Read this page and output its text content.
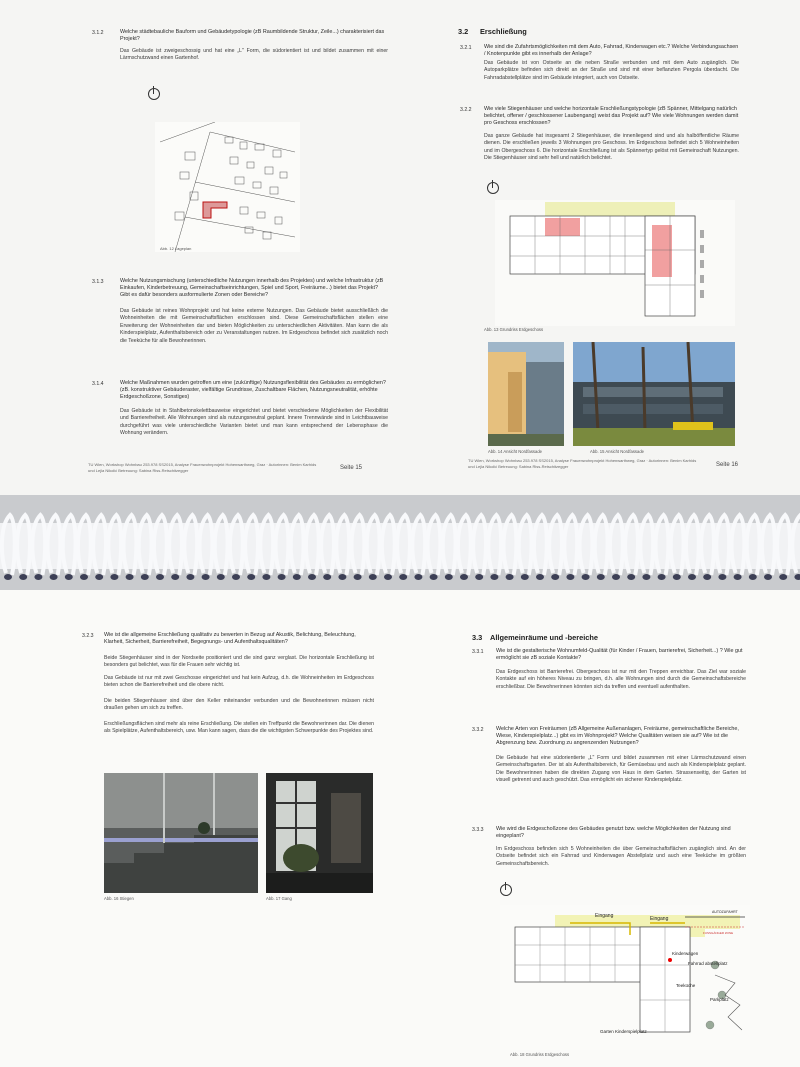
3.1.2	Welche städtebauliche Bauform und Gebäudetypologie (zB Raumbildende Struktur, Zeile...) charakterisiert das Projekt?
Das Gebäude ist zweigeschossig und hat eine „L" Form, die südorientiert ist und bildet zusammen mit einer Lärmschutzwand einen Gartenhof.
Abb. 12 Lageplan
3.1.3	Welche Nutzungsmischung (unterschiedliche Nutzungen innerhalb des Projektes) und welche Infrastruktur (zB Einkaufen, Kinderbetreuung, Gemeinschaftseinrichtungen, Spiel und Sport, Freiräume...) bietet das Projekt? Gibt es dafür besonders ausformulierte Zonen oder Bereiche?
Das Gebäude ist reines Wohnprojekt und hat keine externe Nutzungen. Das Gebäude bietet ausschließlich die Wohneinheiten die mit Gemeinschaftsflächen erschlossen sind. Diese Gemeinschaftsflächen stellen eine Erweiterung der Wohneinheiten dar und bieten Möglichkeiten zu unterschiedlichen Aktivitäten. Man kann die als Kinderspielplatz, Aufenthaltsbereich oder zu Veranstaltungen nutzen. Im Erdgeschoss befindet sich zusätzlich noch die Teeküche für alle Bewohnerinnen.
3.1.4	Welche Maßnahmen wurden getroffen um eine (zukünftige) Nutzungsflexibilität des Gebäudes zu ermöglichen? (zB. konstruktiver Gebäuderaster, vielfältige Grundrisse, Zuschaltbare Flächen, Nutzungsneutralität, erhöhte Erdgeschoßzone, Sonstiges)
Das Gebäude ist in Stahlbetonskelettbauweise eingerichtet und bietet verschiedene Möglichkeiten der Flexibilität und Barrierefreiheit. Alle Wohnungen sind als nutzungsneutral geplant. Innere Trennwände sind in Leichtbauweise durchgeführt was viele unterschiedliche Varianten bietet und man kann entsprechend der Lebensphase die Wohnung verändern.
TU Wien, Workshop Wohnbau 253.978 SS2015, Analyse Frauenwohnprojekt Hohenwarthweg, Graz · Autorinnen: Benim Karhids und Lejla Nikolić Betreuung: Sabina Riss-Retschitzegger	Seite 15
3.2 Erschließung
3.2.1 Wie sind die Zufahrtsmöglichkeiten mit dem Auto, Fahrrad, Kinderwagen etc.? Welche Verbindungsachsen / Knotenpunkte gibt es innerhalb der Anlage?
Das Gebäude ist von Ostseite an die neben Straße verbunden und mit dem Auto zugänglich. Die Autoparkplätze befinden sich direkt an der Straße und sind mit einer beflanzten Pergola überdacht. Die Fahrradabstellplätze sind im Gebäude integriert, auch von Ostseite.
3.2.2 Wie viele Stiegenhäuser und welche horizontale Erschließungstypologie (zB Spänner, Mittelgang natürlich belichtet, offener / geschlossener Laubengang) weist das Projekt auf? Wie viele Wohnungen werden damit pro Geschoss erschlossen?
Das ganze Gebäude hat insgesamt 2 Stiegenhäuser, die innenliegend sind und als halböffentliche Räume dienen. Die erschließen jeweils 3 Wohnungen pro Geschoss. Im Erdgeschoss befindet sich 5 Wohneinheiten und im Obergeschoss 6. Die horizontale Erschließung ist als Spännertyp gelöst mit Gemeinschaft Nutzungen. Die Stiegenhäuser sind sehr hell und natürlich belichtet.
Abb. 13 Grundriss Erdgeschoss
Abb. 14 Ansicht Nordfassade	Abb. 15 Ansicht Nordfassade
TU Wien, Workshop Wohnbau 253.978 SS2015, Analyse Frauenwohnprojekt Hohenwarthweg, Graz · Autorinnen: Benim Karhids und Lejla Nikolić Betreuung: Sabina Riss-Retschitzegger	Seite 16
3.2.3 Wie ist die allgemeine Erschließung qualitativ zu bewerten in Bezug auf Akustik, Belichtung, Beleuchtung, Klarheit, Sicherheit, Barrierefreiheit, Begegnungs- und Aufenthaltsqualitäten?
Beide Stiegenhäuser sind in der Nordseite positioniert und die sind ganz verglast. Die horizontale Erschließung ist besonders gut belichtet, was für die Frauen sehr wichtig ist.
Das Gebäude ist nur mit zwei Geschosse eingerichtet und hat kein Aufzug, d.h. die Wohneinheiten im Erdgeschoss bieten schon die Barrierefreiheit und die obere nicht.
Die beiden Stiegenhäuser sind über den Keller miteinander verbunden und die Bewohnerinnen müssen nicht draußen gehen um sich zu treffen.
Erschließungsflächen sind mehr als reine Erschließung. Die stellen ein Treffpunkt die Bewohnerinnen dar. Die dienen als Spielplätze, Aufenthaltsbereich, usw. Man kann sagen, dass die die wichtigsten Schwerpunkte des Projektes sind.
Abb. 16 Stiegen	Abb. 17 Gang
3.3 Allgemeinräume und -bereiche
3.3.1 Wie ist die gestalterische Wohnumfeld-Qualität (für Kinder / Frauen, barrierefrei, Sicherheit...) ? Wie gut ermöglicht sie zB soziale Kontakte?
Das Erdgeschoss ist Barrierefrei. Obergeschoss ist nur mit den Treppen erreichbar. Das Ziel war soziale Kontakte auf ein höheres Niveau zu bringen, d.h. alle Wohnungen sind durch die Gemeinschaftsbereiche erschließbar. Die Bewohnerinnen könnten sich da treffen und eventuell aufenthalten.
3.3.2 Welche Arten von Freiräumen (zB Allgemeine Außenanlagen, Freiräume, gemeinschaftliche Bereiche, Wiese, Kinderspielplatz...) gibt es im Wohnprojekt? Welche Qualitäten weisen sie auf? Wie ist die Abgrenzung bzw. Zuordnung zu angrenzenden Nutzungen?
Die Gebäude hat eine südorientierte „L" Form und bildet zusammen mit einer Lärmschutzwand einen Gemeinschaftsgarten. Der ist als Aufenthaltsbereich, für Gemüsebau und auch als Kinderspielplatz geplant. Die Bewohnerinnen haben die direkten Zugang von Haus in dem Garten. Strassenseitig, der Garten ist visuell getrennt und auch geschützt. Das ermöglicht ein sicherer Kinderspielplatz.
3.3.3 Wie wird die Erdgeschoßzone des Gebäudes genutzt bzw. welche Möglichkeiten der Nutzung sind eingeplant?
Im Erdgeschoss befinden sich 5 Wohneinheiten die über Gemeinschaftsflächen zugänglich sind. An der Ostseite befindet sich ein Fahrrad und Kinderwagen Abstellplatz und auch eine Teeküche im größten Gemeinschaftsbereich.
Eingang	Eingang
AUTOZUFAHRT
FUSSGÄNGER ZONE
Kinderwagen
Fahrrad abstellplatz
Teeküche
Parkplatz
Garten Kinderspielplatz
Abb. 18 Grundriss Erdgeschoss
